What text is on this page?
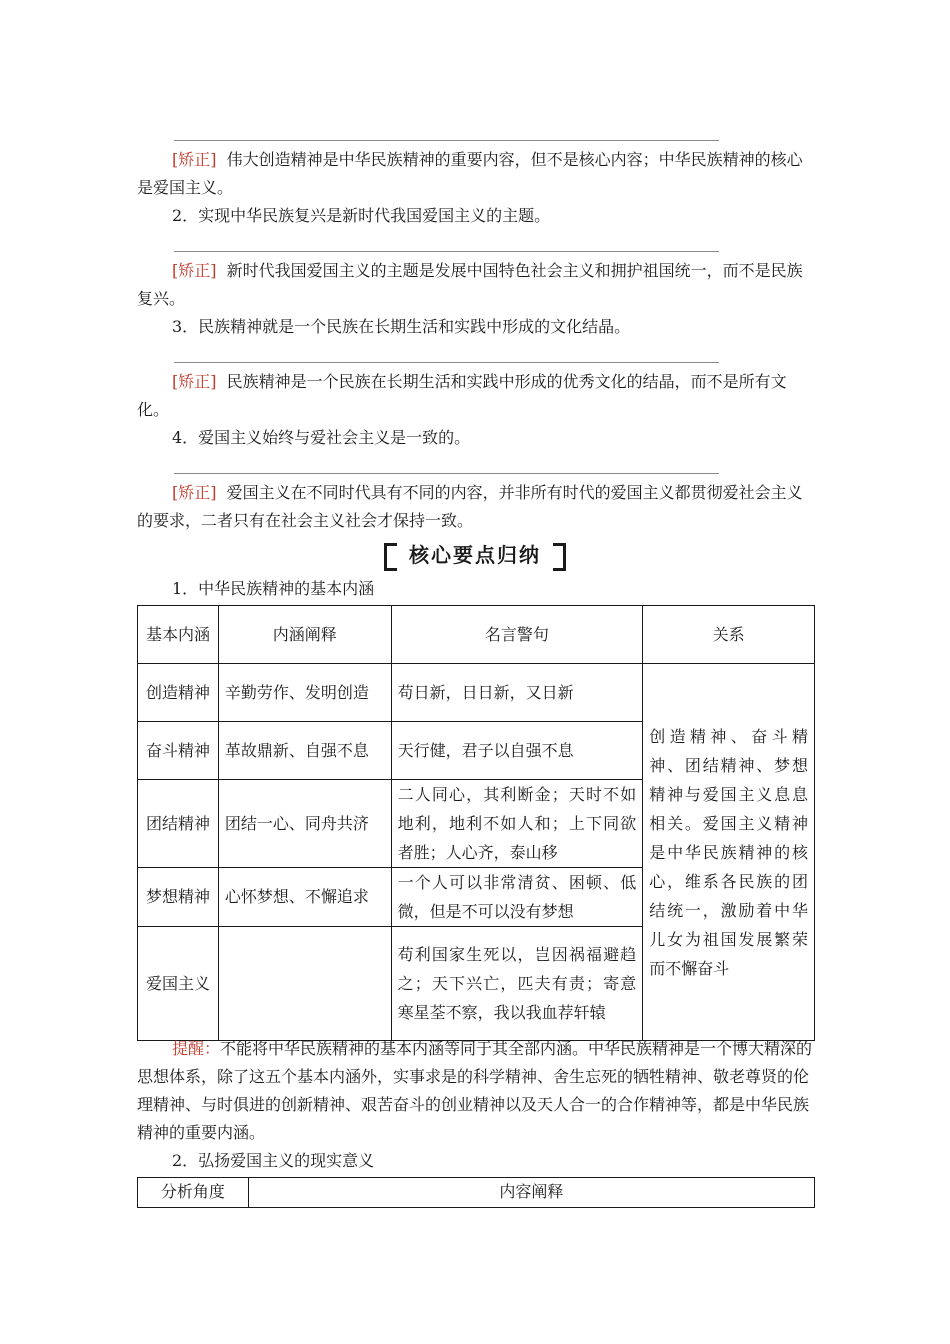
[矫正] 伟大创造精神是中华民族精神的重要内容，但不是核心内容；中华民族精神的核心是爱国主义。
2．实现中华民族复兴是新时代我国爱国主义的主题。
[矫正] 新时代我国爱国主义的主题是发展中国特色社会主义和拥护祖国统一，而不是民族复兴。
3．民族精神就是一个民族在长期生活和实践中形成的文化结晶。
[矫正] 民族精神是一个民族在长期生活和实践中形成的优秀文化的结晶，而不是所有文化。
4．爱国主义始终与爱社会主义是一致的。
[矫正] 爱国主义在不同时代具有不同的内容，并非所有时代的爱国主义都贯彻爱社会主义的要求，二者只有在社会主义社会才保持一致。
核心要点归纳
1．中华民族精神的基本内涵
基本内涵	内涵阐释	名言警句	关系
创造精神	辛勤劳作、发明创造	苟日新，日日新，又日新	创造精神、奋斗精神、团结精神、梦想精神与爱国主义息息相关。爱国主义精神是中华民族精神的核心，维系各民族的团结统一，激励着中华儿女为祖国发展繁荣而不懈奋斗
奋斗精神	革故鼎新、自强不息	天行健，君子以自强不息	
团结精神	团结一心、同舟共济	二人同心，其利断金；天时不如地利，地利不如人和；上下同欲者胜；人心齐，泰山移	
梦想精神	心怀梦想、不懈追求	一个人可以非常清贫、困顿、低微，但是不可以没有梦想	
爱国主义		苟利国家生死以，岂因祸福避趋之；天下兴亡，匹夫有责；寄意寒星荃不察，我以我血荐轩辕	
提醒：不能将中华民族精神的基本内涵等同于其全部内涵。中华民族精神是一个博大精深的思想体系，除了这五个基本内涵外，实事求是的科学精神、舍生忘死的牺牲精神、敬老尊贤的伦理精神、与时俱进的创新精神、艰苦奋斗的创业精神以及天人合一的合作精神等，都是中华民族精神的重要内涵。
2．弘扬爱国主义的现实意义
分析角度	内容阐释
